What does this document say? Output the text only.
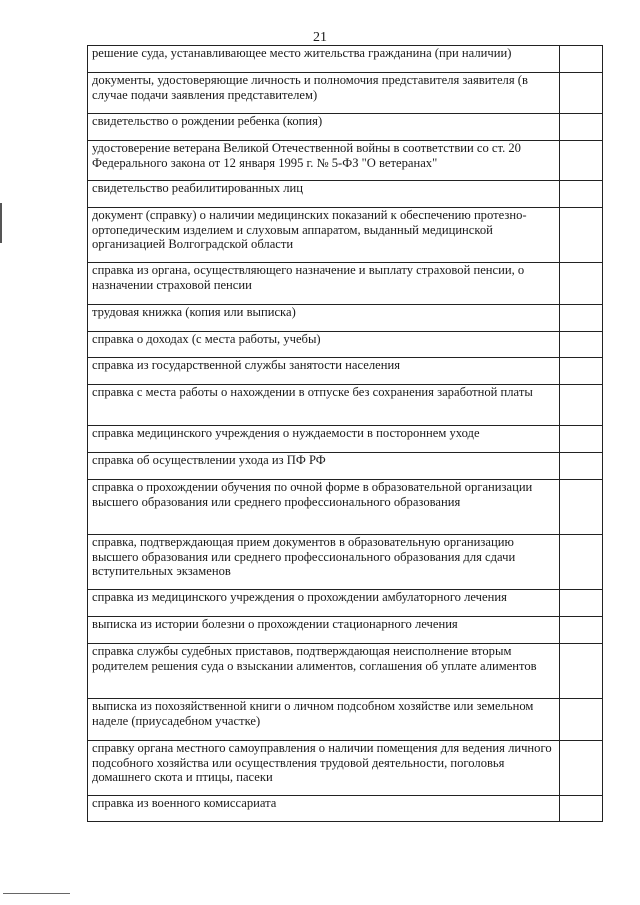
21
решение суда, устанавливающее место жительства гражданина (при наличии)	
документы, удостоверяющие личность и полномочия представителя заявителя (в случае подачи заявления представителем)	
свидетельство о рождении ребенка (копия)	
удостоверение ветерана Великой Отечественной войны в соответствии со ст. 20 Федерального закона от 12 января 1995 г. № 5-ФЗ "О ветеранах"	
свидетельство реабилитированных лиц	
документ (справку) о наличии медицинских показаний к обеспечению протезно-ортопедическим изделием и слуховым аппаратом, выданный медицинской организацией Волгоградской области	
справка из органа, осуществляющего назначение и выплату страховой пенсии, о назначении страховой пенсии	
трудовая книжка (копия или выписка)	
справка о доходах (с места работы, учебы)	
справка из государственной службы занятости населения	
справка с места работы о нахождении в отпуске без сохранения заработной платы	
справка медицинского учреждения о нуждаемости в постороннем уходе	
справка об осуществлении ухода из ПФ РФ	
справка о прохождении обучения по очной форме в образовательной организации высшего образования или среднего профессионального образования	
справка, подтверждающая прием документов в образовательную организацию высшего образования или среднего профессионального образования для сдачи вступительных экзаменов	
справка из медицинского учреждения о прохождении амбулаторного лечения	
выписка из истории болезни о прохождении стационарного лечения	
справка службы судебных приставов, подтверждающая неисполнение вторым родителем решения суда о взыскании алиментов, соглашения об уплате алиментов	
выписка из похозяйственной книги о личном подсобном хозяйстве или земельном наделе (приусадебном участке)	
справку органа местного самоуправления о наличии помещения для ведения личного подсобного хозяйства или осуществления трудовой деятельности, поголовья домашнего скота и птицы, пасеки	
справка из военного комиссариата	
